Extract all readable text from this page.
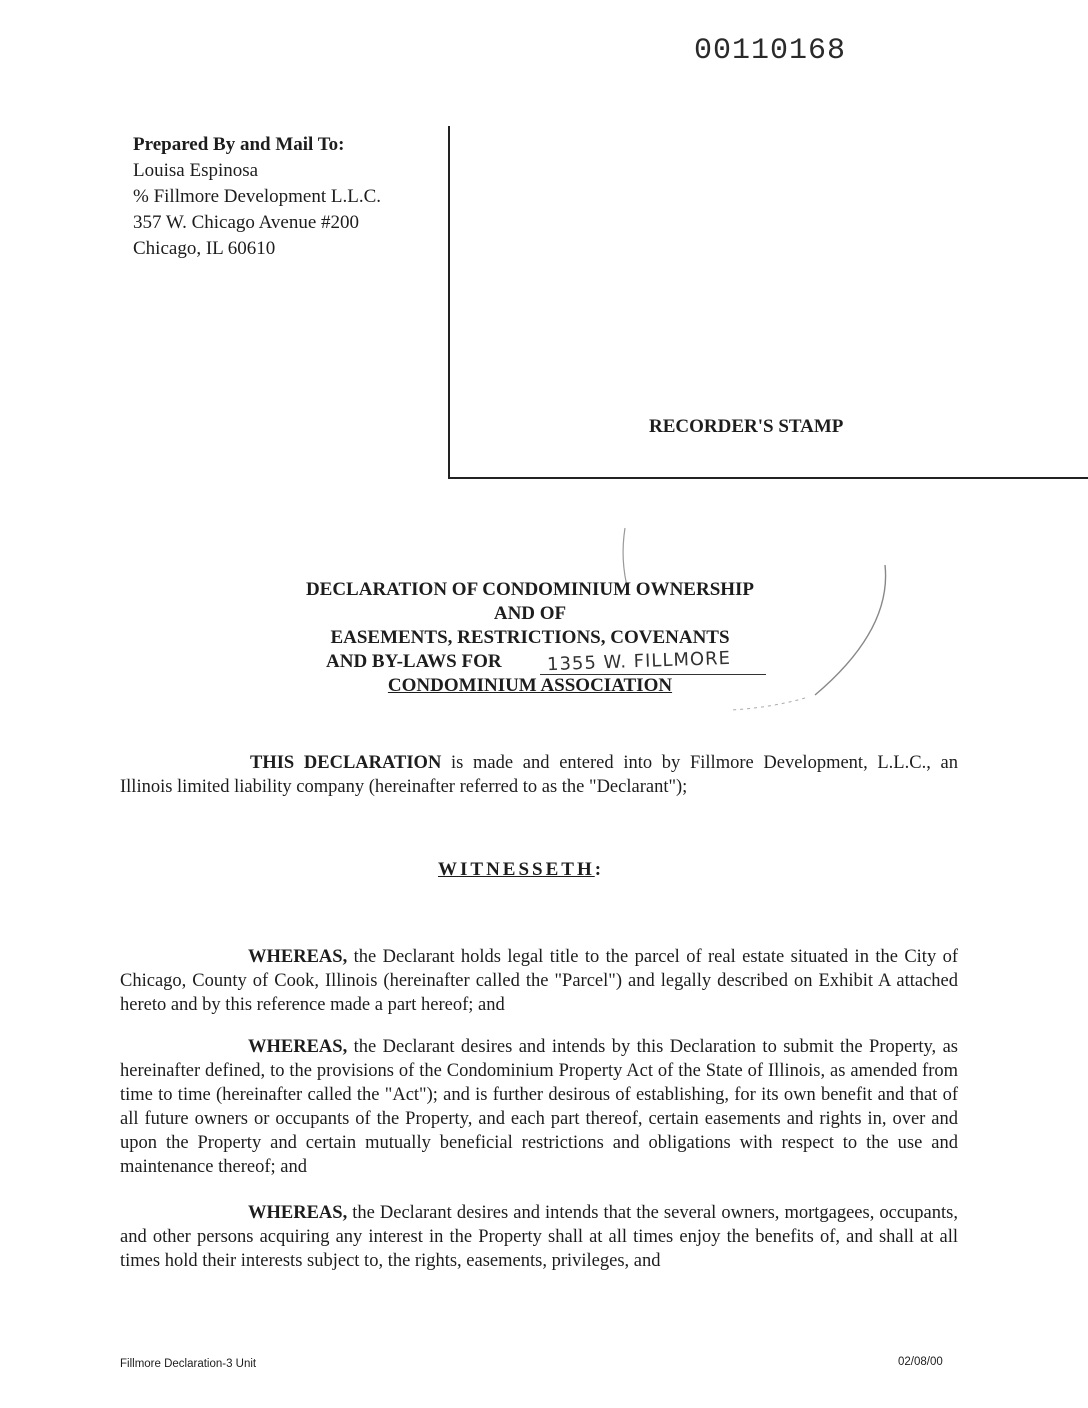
00110168
Prepared By and Mail To:
Louisa Espinosa
% Fillmore Development L.L.C.
357 W. Chicago Avenue #200
Chicago, IL 60610
RECORDER'S STAMP
DECLARATION OF CONDOMINIUM OWNERSHIP
AND OF
EASEMENTS, RESTRICTIONS, COVENANTS
AND BY-LAWS FOR
CONDOMINIUM ASSOCIATION
1355 W. FILLMORE
THIS DECLARATION is made and entered into by Fillmore Development, L.L.C., an Illinois limited liability company (hereinafter referred to as the "Declarant");
WITNESSETH:
WHEREAS, the Declarant holds legal title to the parcel of real estate situated in the City of Chicago, County of Cook, Illinois (hereinafter called the "Parcel") and legally described on Exhibit A attached hereto and by this reference made a part hereof; and
WHEREAS, the Declarant desires and intends by this Declaration to submit the Property, as hereinafter defined, to the provisions of the Condominium Property Act of the State of Illinois, as amended from time to time (hereinafter called the "Act"); and is further desirous of establishing, for its own benefit and that of all future owners or occupants of the Property, and each part thereof, certain easements and rights in, over and upon the Property and certain mutually beneficial restrictions and obligations with respect to the use and maintenance thereof; and
WHEREAS, the Declarant desires and intends that the several owners, mortgagees, occupants, and other persons acquiring any interest in the Property shall at all times enjoy the benefits of, and shall at all times hold their interests subject to, the rights, easements, privileges, and
Fillmore Declaration-3 Unit	02/08/00
